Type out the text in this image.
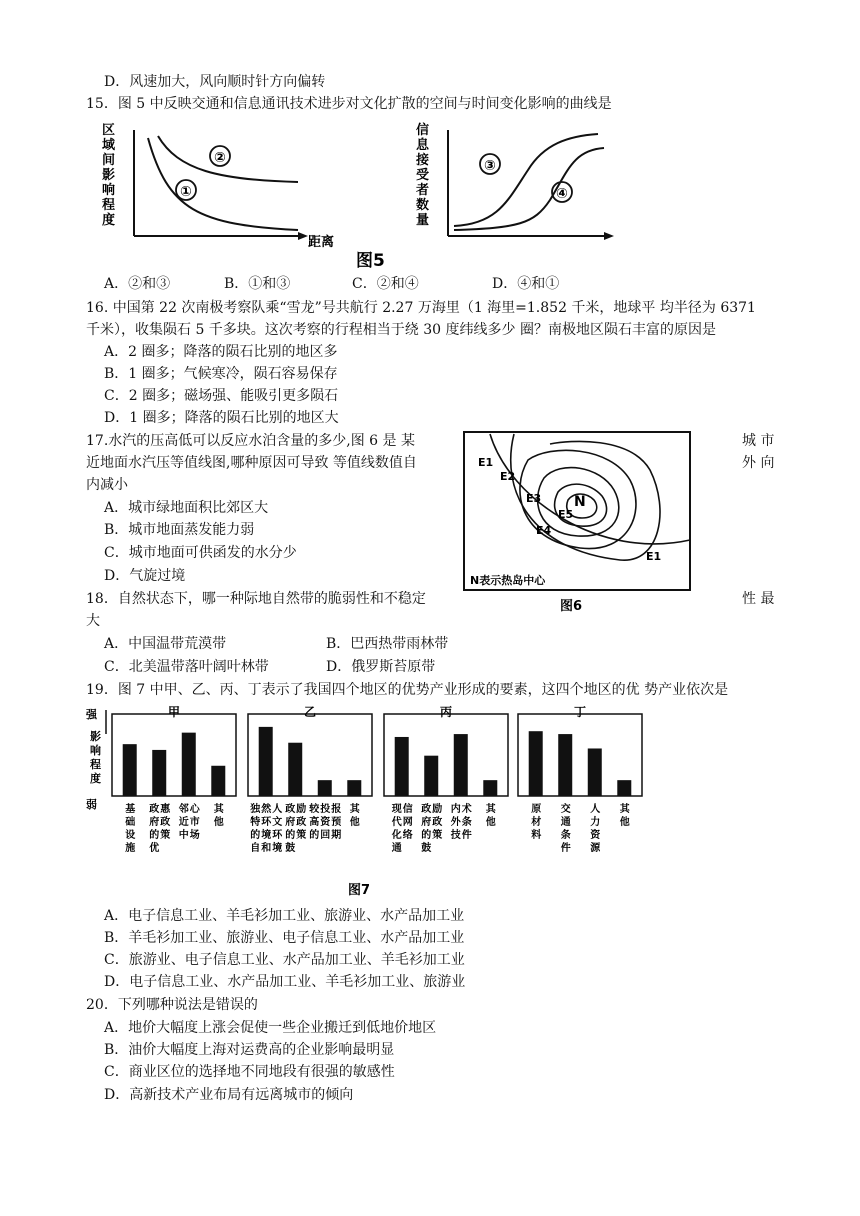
D．风速加大，风向顺时针方向偏转
15．图 5 中反映交通和信息通讯技术进步对文化扩散的空间与时间变化影响的曲线是
区域间影响程度
距离
①
②
信息接受者数量
③
④
图5
A．②和③	B．①和③	C．②和④	D．④和①
16. 中国第 22 次南极考察队乘“雪龙”号共航行 2.27 万海里（1 海里=1.852 千米，地球平 均半径为 6371
千米），收集陨石 5 千多块。这次考察的行程相当于绕 30 度纬线多少 圈？南极地区陨石丰富的原因是
A．2 圈多；降落的陨石比别的地区多
B．1 圈多；气候寒冷，陨石容易保存
C．2 圈多；磁场强、能吸引更多陨石
D．1 圈多；降落的陨石比别的地区大
17.水汽的压高低可以反应水泊含量的多少,图 6 是 某	城 市
近地面水汽压等值线图,哪种原因可导致 等值线数值自	外 向
内减小
A．城市绿地面积比郊区大
B．城市地面蒸发能力弱
C．城市地面可供函发的水分少
D．气旋过境
E1
E2
E3 N
E5
E4
E1
N表示热岛中心
图6
18．自然状态下，哪一种际地自然带的脆弱性和不稳定	性 最
大
A．中国温带荒漠带	B．巴西热带雨林带
C．北美温带落叶阔叶林带	D．俄罗斯苔原带
19．图 7 中甲、乙、丙、丁表示了我国四个地区的优势产业形成的要素，这四个地区的优 势产业依次是
强
影
响
程
度
弱
甲
基础设施
政府的优惠政策
邻近中心市场
其他
乙
独特的自然环境和人文环境
政府的鼓励政策
较高的投资回报预期
其他
丙
现代化通信网络
政府的鼓励政策
内外技术条件
其他
丁
原材料
交通条件
人力资源
其他
图7
A．电子信息工业、羊毛衫加工业、旅游业、水产品加工业
B．羊毛衫加工业、旅游业、电子信息工业、水产品加工业
C．旅游业、电子信息工业、水产品加工业、羊毛衫加工业
D．电子信息工业、水产品加工业、羊毛衫加工业、旅游业
20．下列哪种说法是错误的
A．地价大幅度上涨会促使一些企业搬迁到低地价地区
B．油价大幅度上海对运费高的企业影响最明显
C．商业区位的选择地不同地段有很强的敏感性
D．高新技术产业布局有远离城市的倾向
